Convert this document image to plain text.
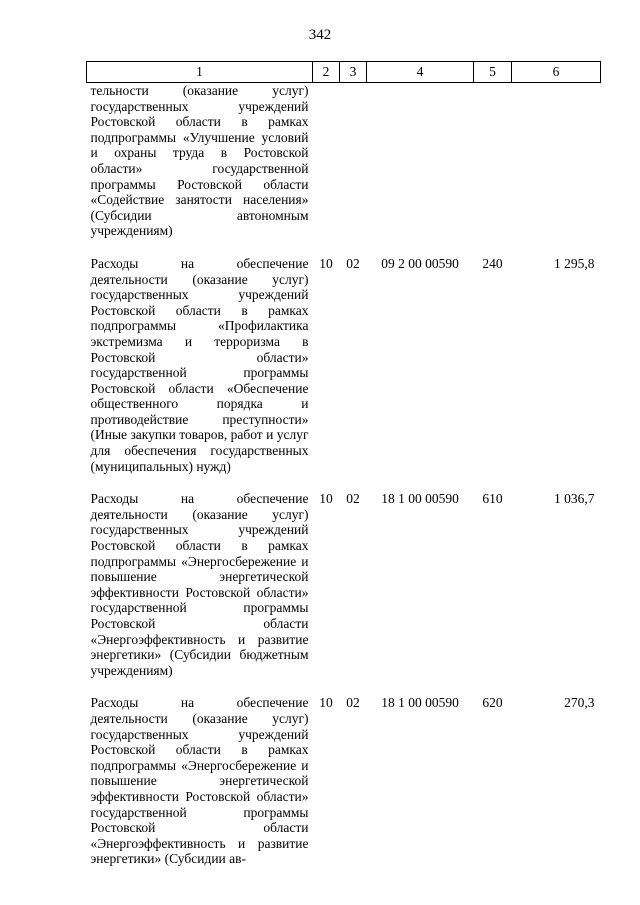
342
1	2	3	4	5	6
тельности (оказание услуг) государственных учреждений Ростовской области в рамках подпрограммы «Улучшение условий и охраны труда в Ростовской области» государственной программы Ростовской области «Содействие занятости населения» (Субсидии автономным учреждениям)					
Расходы на обеспечение деятельности (оказание услуг) государственных учреждений Ростовской области в рамках подпрограммы «Профилактика экстремизма и терроризма в Ростовской области» государственной программы Ростовской области «Обеспечение общественного порядка и противодействие преступности» (Иные закупки товаров, работ и услуг для обеспечения государственных (муниципальных) нужд)	10	02	09 2 00 00590	240	1 295,8
Расходы на обеспечение деятельности (оказание услуг) государственных учреждений Ростовской области в рамках подпрограммы «Энергосбережение и повышение энергетической эффективности Ростовской области» государственной программы Ростовской области «Энергоэффективность и развитие энергетики» (Субсидии бюджетным учреждениям)	10	02	18 1 00 00590	610	1 036,7
Расходы на обеспечение деятельности (оказание услуг) государственных учреждений Ростовской области в рамках подпрограммы «Энергосбережение и повышение энергетической эффективности Ростовской области» государственной программы Ростовской области «Энергоэффективность и развитие энергетики» (Субсидии ав-	10	02	18 1 00 00590	620	270,3
